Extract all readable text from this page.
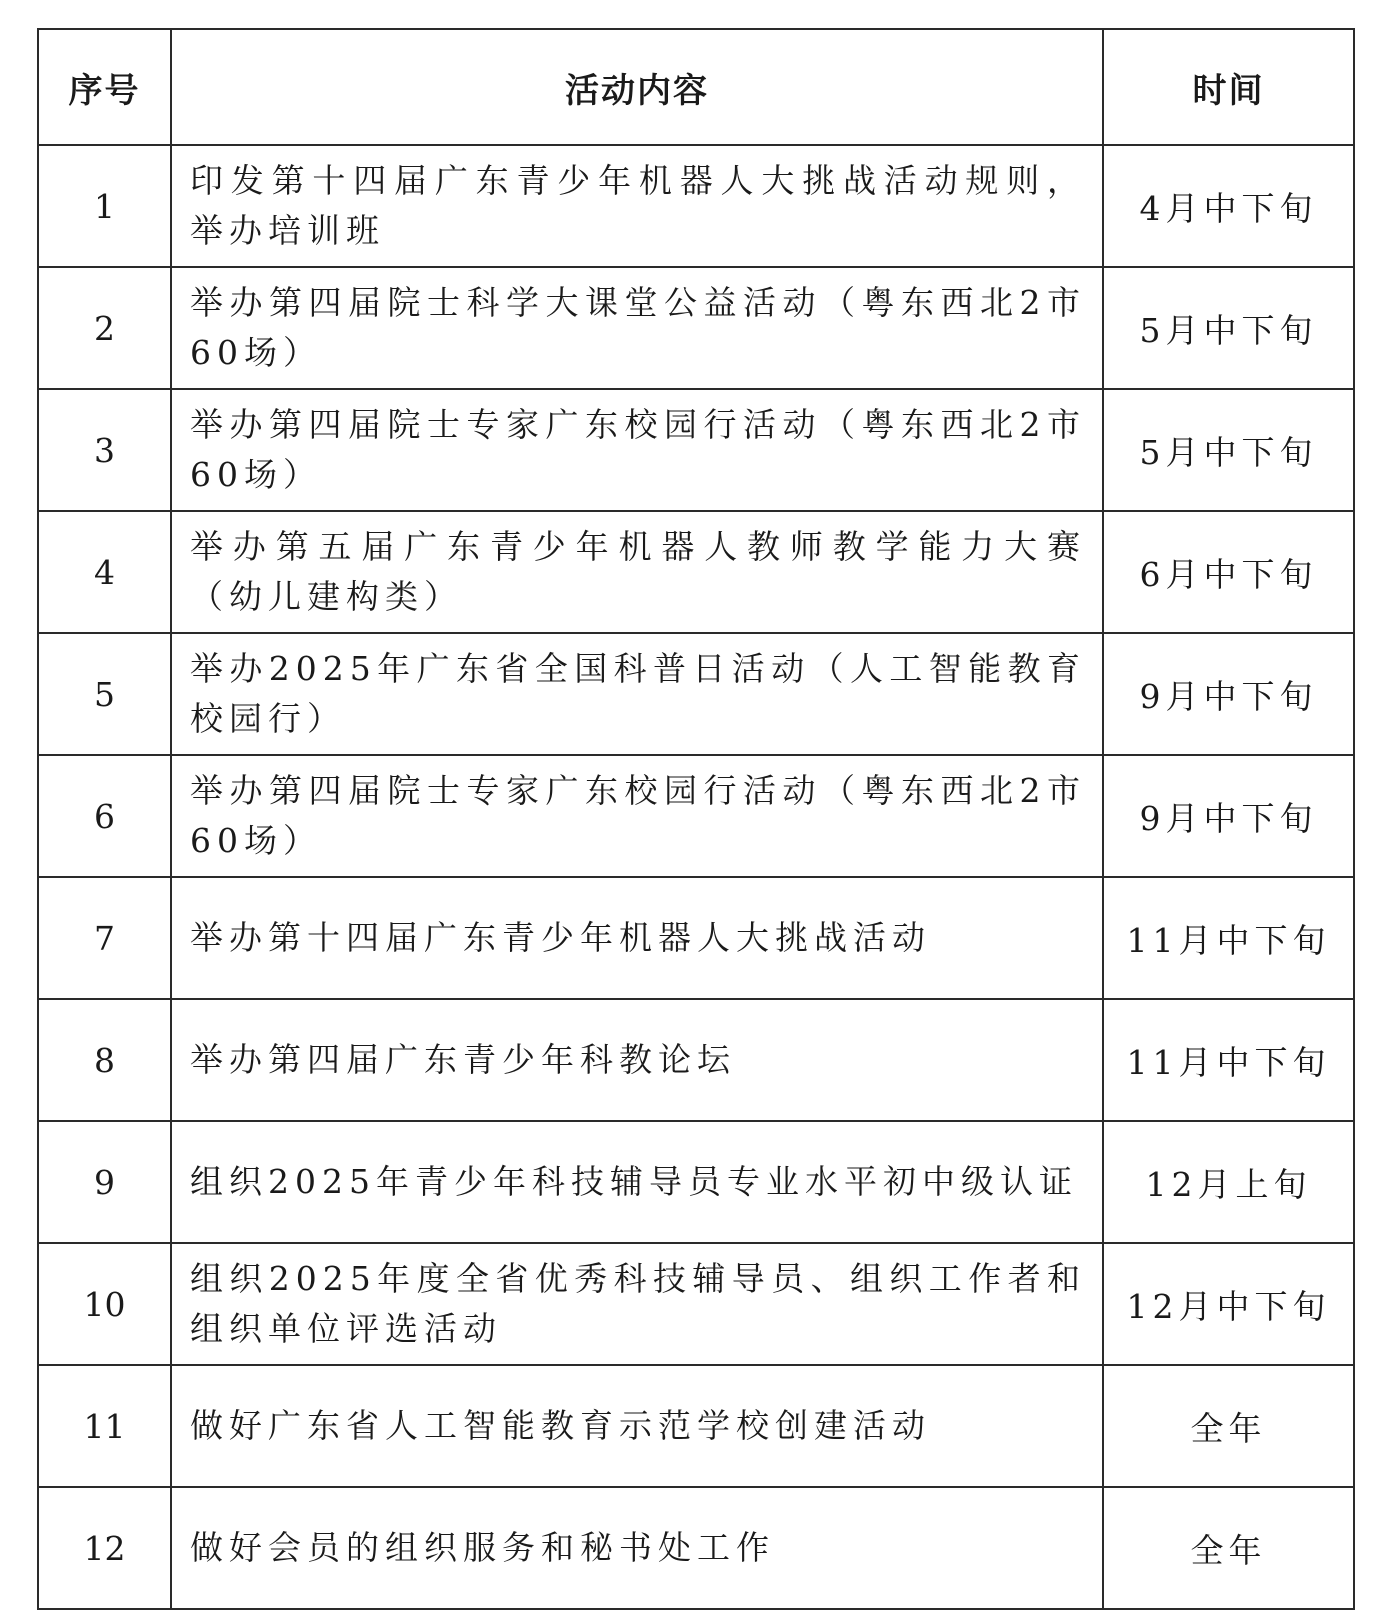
序号	活动内容	时间
1	印发第十四届广东青少年机器人大挑战活动规则，举办培训班	4月中下旬
2	举办第四届院士科学大课堂公益活动（粤东西北2市60场）	5月中下旬
3	举办第四届院士专家广东校园行活动（粤东西北2市60场）	5月中下旬
4	举办第五届广东青少年机器人教师教学能力大赛（幼儿建构类）	6月中下旬
5	举办2025年广东省全国科普日活动（人工智能教育校园行）	9月中下旬
6	举办第四届院士专家广东校园行活动（粤东西北2市60场）	9月中下旬
7	举办第十四届广东青少年机器人大挑战活动	11月中下旬
8	举办第四届广东青少年科教论坛	11月中下旬
9	组织2025年青少年科技辅导员专业水平初中级认证	12月上旬
10	组织2025年度全省优秀科技辅导员、组织工作者和组织单位评选活动	12月中下旬
11	做好广东省人工智能教育示范学校创建活动	全年
12	做好会员的组织服务和秘书处工作	全年
